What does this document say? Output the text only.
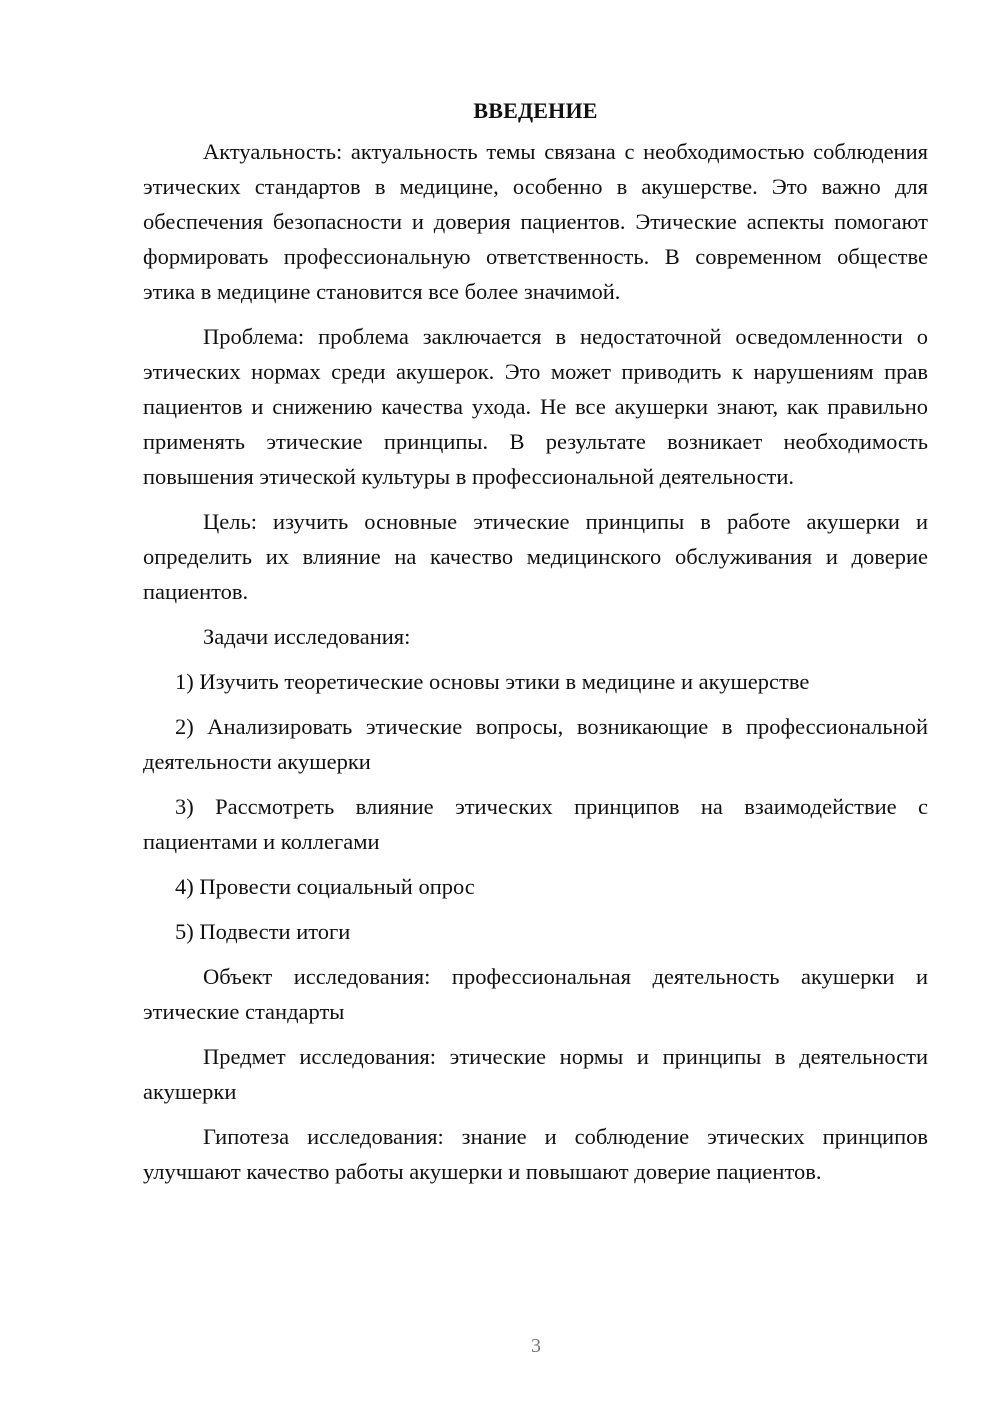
ВВЕДЕНИЕ

Актуальность: актуальность темы связана с необходимостью соблюдения этических стандартов в медицине, особенно в акушерстве. Это важно для обеспечения безопасности и доверия пациентов. Этические аспекты помогают формировать профессиональную ответственность. В современном обществе этика в медицине становится все более значимой.

Проблема: проблема заключается в недостаточной осведомленности о этических нормах среди акушерок. Это может приводить к нарушениям прав пациентов и снижению качества ухода. Не все акушерки знают, как правильно применять этические принципы. В результате возникает необходимость повышения этической культуры в профессиональной деятельности.

Цель: изучить основные этические принципы в работе акушерки и определить их влияние на качество медицинского обслуживания и доверие пациентов.

Задачи исследования:

1) Изучить теоретические основы этики в медицине и акушерстве

2) Анализировать этические вопросы, возникающие в профессиональной деятельности акушерки

3) Рассмотреть влияние этических принципов на взаимодействие с пациентами и коллегами

4) Провести социальный опрос

5) Подвести итоги

Объект исследования: профессиональная деятельность акушерки и этические стандарты

Предмет исследования: этические нормы и принципы в деятельности акушерки

Гипотеза исследования: знание и соблюдение этических принципов улучшают качество работы акушерки и повышают доверие пациентов.

3
